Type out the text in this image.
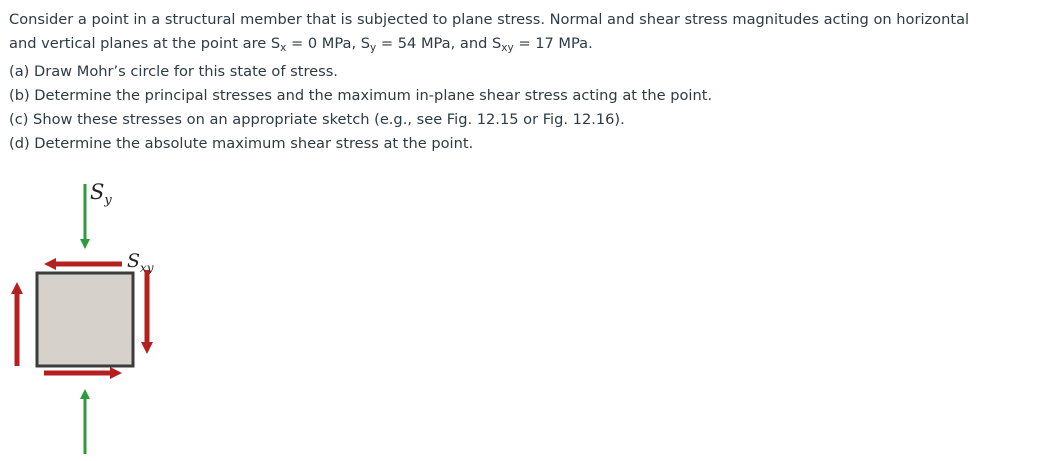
Consider a point in a structural member that is subjected to plane stress. Normal and shear stress magnitudes acting on horizontal

and vertical planes at the point are $S_x = 0$ MPa, $S_y = 54$ MPa, and $S_{xy} = 17$ MPa.

(a) Draw Mohr’s circle for this state of stress.

(b) Determine the principal stresses and the maximum in-plane shear stress acting at the point.

(c) Show these stresses on an appropriate sketch (e.g., see Fig. 12.15 or Fig. 12.16).

(d) Determine the absolute maximum shear stress at the point.

$S_y$
$S_{xy}$
